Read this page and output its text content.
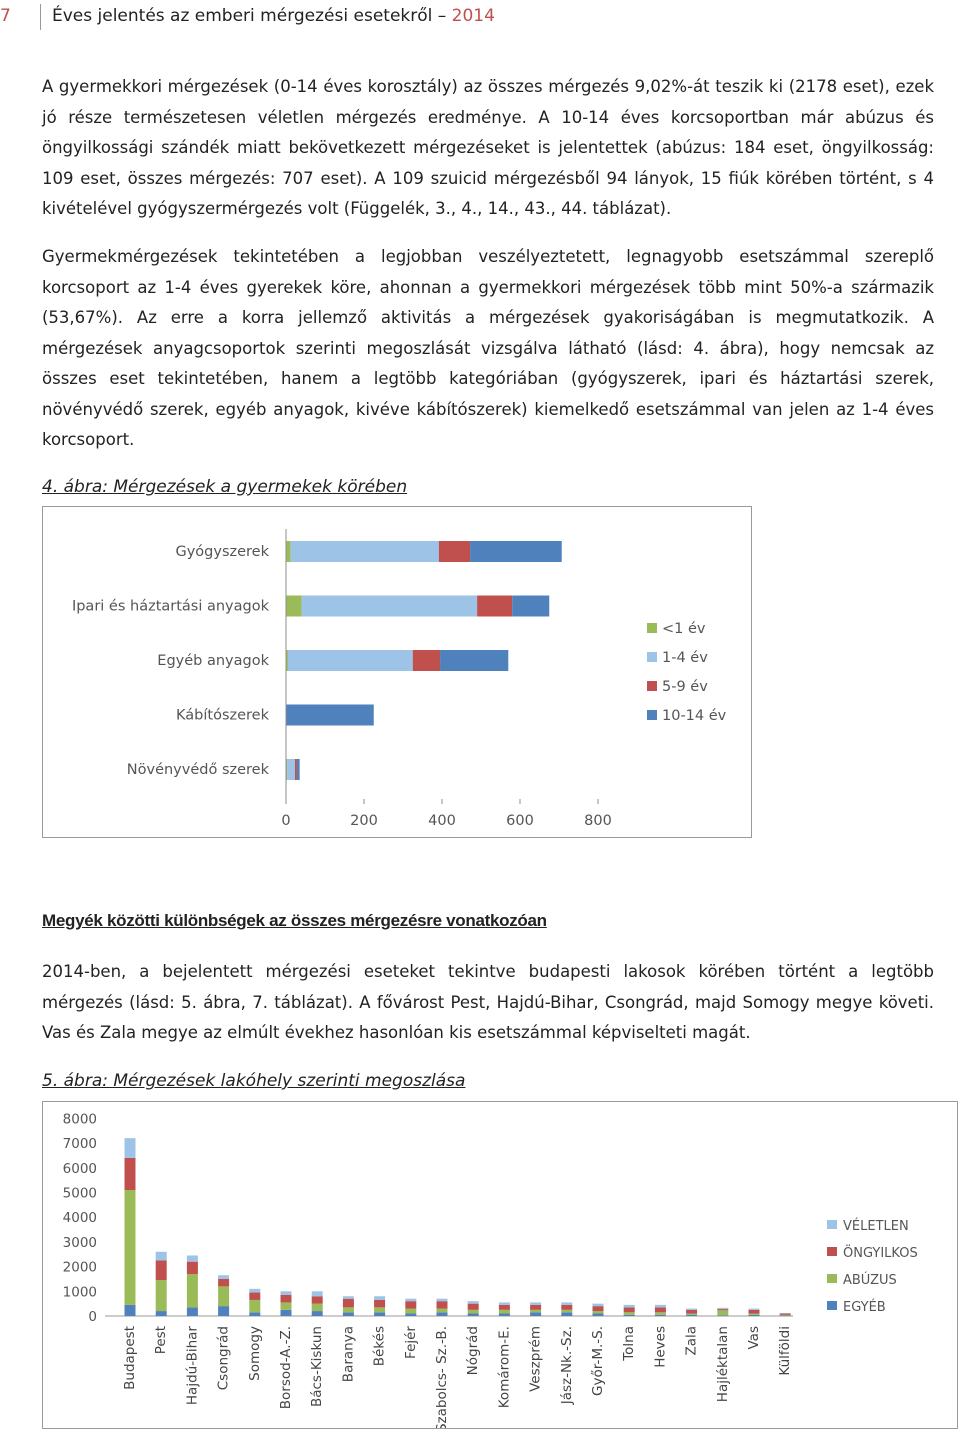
7 Éves jelentés az emberi mérgezési esetekről – 2014

A gyermekkori mérgezések (0-14 éves korosztály) az összes mérgezés 9,02%-át teszik ki (2178 eset), ezek jó része természetesen véletlen mérgezés eredménye. A 10-14 éves korcsoportban már abúzus és öngyilkossági szándék miatt bekövetkezett mérgezéseket is jelentettek (abúzus: 184 eset, öngyilkosság: 109 eset, összes mérgezés: 707 eset). A 109 szuicid mérgezésből 94 lányok, 15 fiúk körében történt, s 4 kivételével gyógyszermérgezés volt (Függelék, 3., 4., 14., 43., 44. táblázat).

Gyermekmérgezések tekintetében a legjobban veszélyeztetett, legnagyobb esetszámmal szereplő korcsoport az 1-4 éves gyerekek köre, ahonnan a gyermekkori mérgezések több mint 50%-a származik (53,67%). Az erre a korra jellemző aktivitás a mérgezések gyakoriságában is megmutatkozik. A mérgezések anyagcsoportok szerinti megoszlását vizsgálva látható (lásd: 4. ábra), hogy nemcsak az összes eset tekintetében, hanem a legtöbb kategóriában (gyógyszerek, ipari és háztartási szerek, növényvédő szerek, egyéb anyagok, kivéve kábítószerek) kiemelkedő esetszámmal van jelen az 1-4 éves korcsoport.

4. ábra: Mérgezések a gyermekek körében

Gyógyszerek
Ipari és háztartási anyagok
Egyéb anyagok
Kábítószerek
Növényvédő szerek
0	200	400	600	800
<1 év
1-4 év
5-9 év
10-14 év

Megyék közötti különbségek az összes mérgezésre vonatkozóan

2014-ben, a bejelentett mérgezési eseteket tekintve budapesti lakosok körében történt a legtöbb mérgezés (lásd: 5. ábra, 7. táblázat). A fővárost Pest, Hajdú-Bihar, Csongrád, majd Somogy megye követi. Vas és Zala megye az elmúlt évekhez hasonlóan kis esetszámmal képviselteti magát.

5. ábra: Mérgezések lakóhely szerinti megoszlása

8000
7000
6000
5000
4000
3000
2000
1000
0
Budapest Pest Hajdú-Bihar Csongrád Somogy Borsod-A.-Z. Bács-Kiskun Baranya Békés Fejér Szabolcs- Sz.-B. Nógrád Komárom-E. Veszprém Jász-Nk.-Sz. Győr-M.-S. Tolna Heves Zala Hajléktalan Vas Külföldi
VÉLETLEN
ÖNGYILKOS
ABÚZUS
EGYÉB
